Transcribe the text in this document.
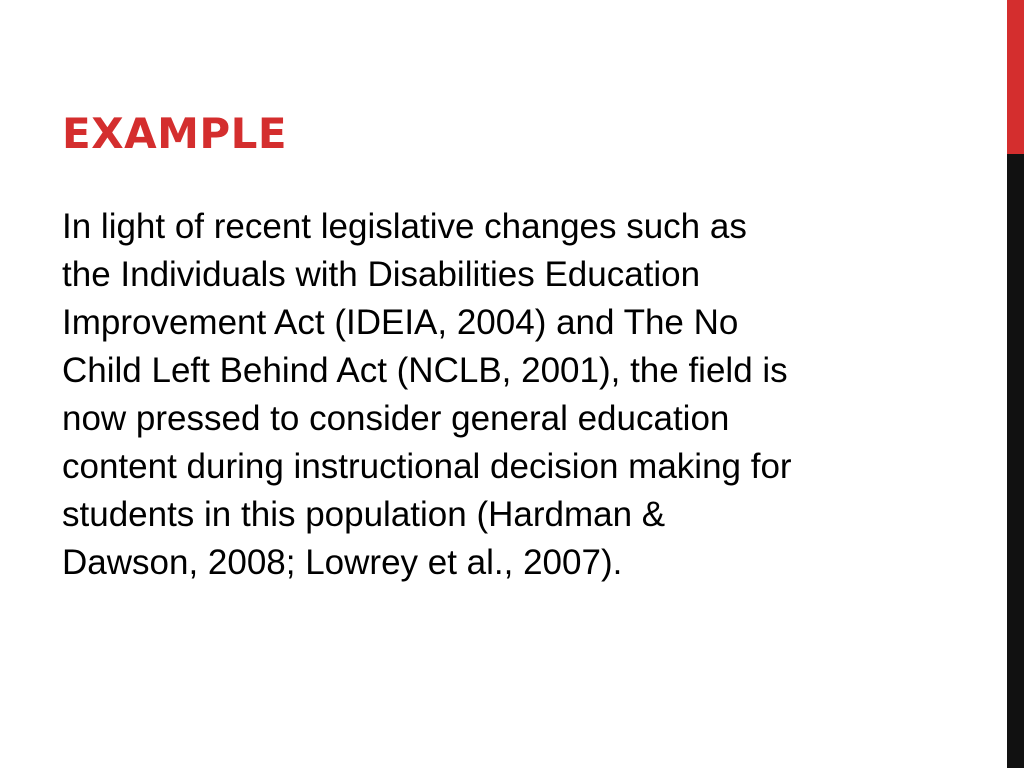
EXAMPLE

In light of recent legislative changes such as
the Individuals with Disabilities Education
Improvement Act (IDEIA, 2004) and The No
Child Left Behind Act (NCLB, 2001), the field is
now pressed to consider general education
content during instructional decision making for
students in this population (Hardman &
Dawson, 2008; Lowrey et al., 2007).
